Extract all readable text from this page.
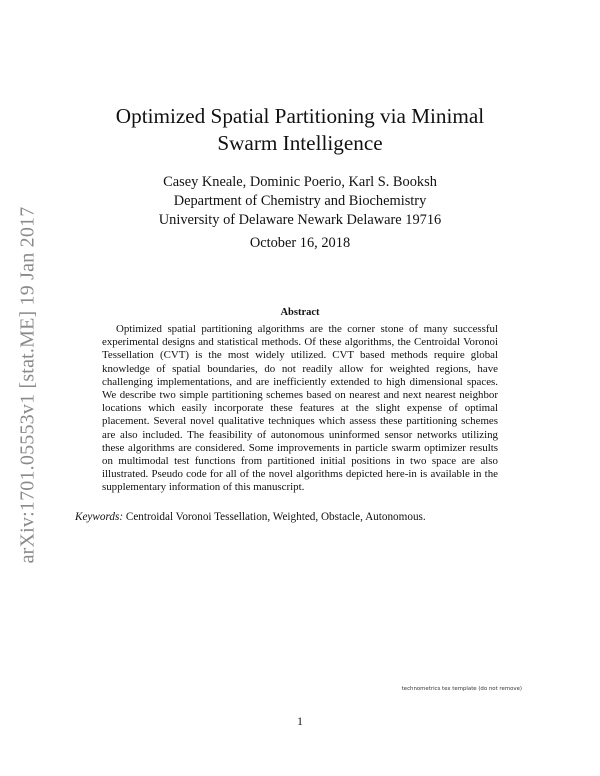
arXiv:1701.05553v1 [stat.ME] 19 Jan 2017
Optimized Spatial Partitioning via Minimal
Swarm Intelligence
Casey Kneale, Dominic Poerio, Karl S. Booksh
Department of Chemistry and Biochemistry
University of Delaware Newark Delaware 19716
October 16, 2018
Abstract
Optimized spatial partitioning algorithms are the corner stone of many successful experimental designs and statistical methods. Of these algorithms, the Centroidal Voronoi Tessellation (CVT) is the most widely utilized. CVT based methods require global knowledge of spatial boundaries, do not readily allow for weighted regions, have challenging implementations, and are inefficiently extended to high dimensional spaces. We describe two simple partitioning schemes based on nearest and next nearest neighbor locations which easily incorporate these features at the slight expense of optimal placement. Several novel qualitative techniques which assess these partitioning schemes are also included. The feasibility of autonomous uninformed sensor networks utilizing these algorithms are considered. Some improvements in particle swarm optimizer results on multimodal test functions from partitioned initial positions in two space are also illustrated. Pseudo code for all of the novel algorithms depicted here-in is available in the supplementary information of this manuscript.
Keywords: Centroidal Voronoi Tessellation, Weighted, Obstacle, Autonomous.
technometrics tex template (do not remove)
1
